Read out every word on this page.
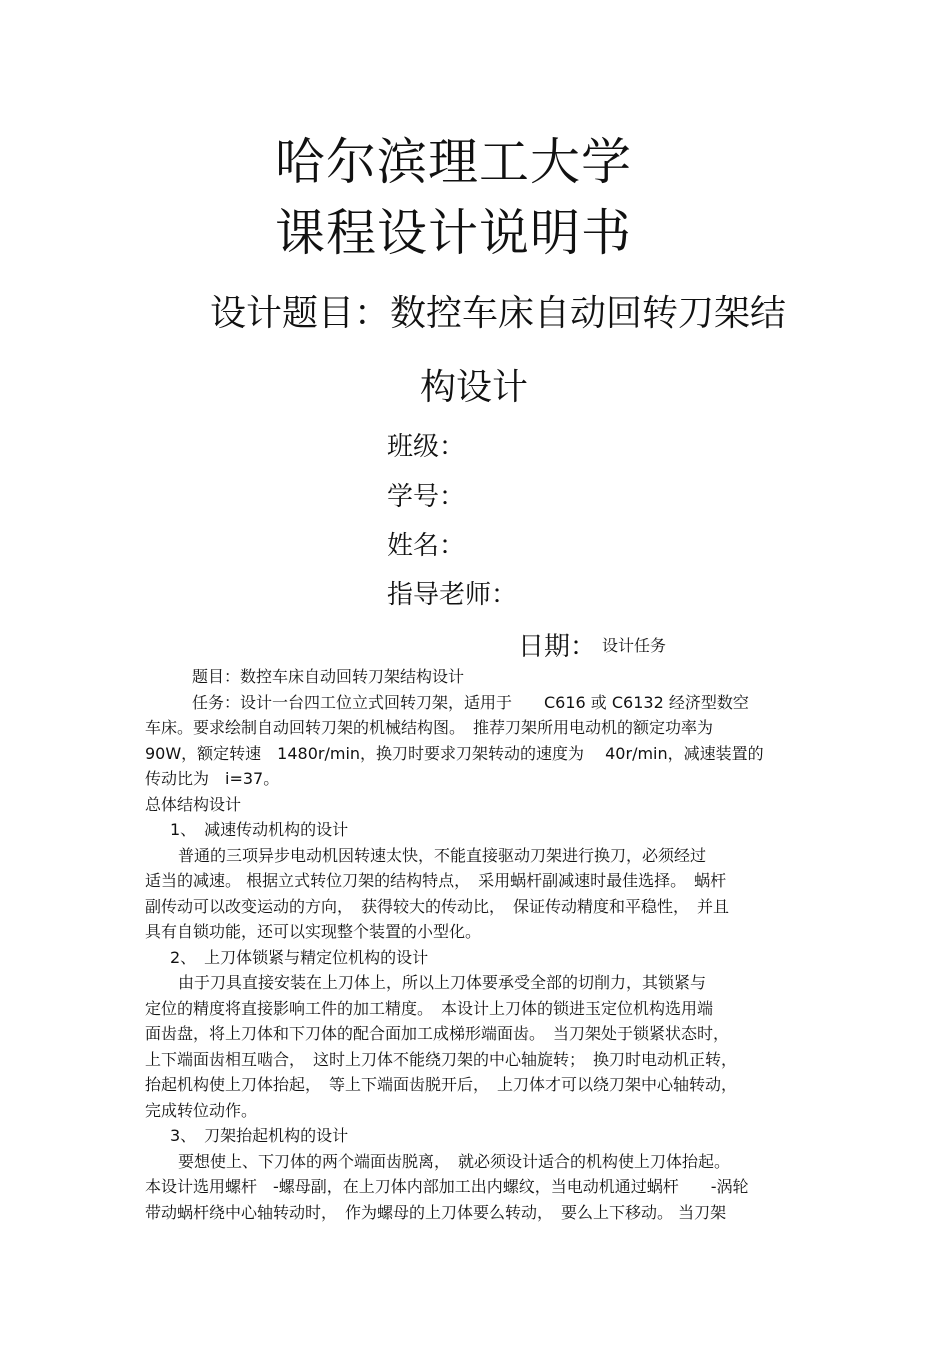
哈尔滨理工大学
课程设计说明书
设计题目：数控车床自动回转刀架结
构设计
班级：
学号：
姓名：
指导老师：
日期： 设计任务
题目：数控车床自动回转刀架结构设计
任务：设计一台四工位立式回转刀架，适用于　　C616 或 C6132 经济型数空
车床。要求绘制自动回转刀架的机械结构图。　推荐刀架所用电动机的额定功率为
90W，额定转速　1480r/min，换刀时要求刀架转动的速度为　 40r/min，减速装置的
传动比为　i=37。
总体结构设计
1、　减速传动机构的设计
普通的三项异步电动机因转速太快，不能直接驱动刀架进行换刀，必须经过
适当的减速。 根据立式转位刀架的结构特点，　采用蜗杆副减速时最佳选择。　蜗杆
副传动可以改变运动的方向，　获得较大的传动比，　保证传动精度和平稳性，　并且
具有自锁功能，还可以实现整个装置的小型化。
2、　上刀体锁紧与精定位机构的设计
由于刀具直接安装在上刀体上，所以上刀体要承受全部的切削力，其锁紧与
定位的精度将直接影响工件的加工精度。　本设计上刀体的锁进玉定位机构选用端
面齿盘，将上刀体和下刀体的配合面加工成梯形端面齿。　当刀架处于锁紧状态时，
上下端面齿相互啮合，　这时上刀体不能绕刀架的中心轴旋转；　换刀时电动机正转，
抬起机构使上刀体抬起，　等上下端面齿脱开后，　上刀体才可以绕刀架中心轴转动，
完成转位动作。
3、　刀架抬起机构的设计
要想使上、下刀体的两个端面齿脱离，　就必须设计适合的机构使上刀体抬起。
本设计选用螺杆　-螺母副，在上刀体内部加工出内螺纹，当电动机通过蜗杆　　-涡轮
带动蜗杆绕中心轴转动时，　作为螺母的上刀体要么转动，　要么上下移动。 当刀架
